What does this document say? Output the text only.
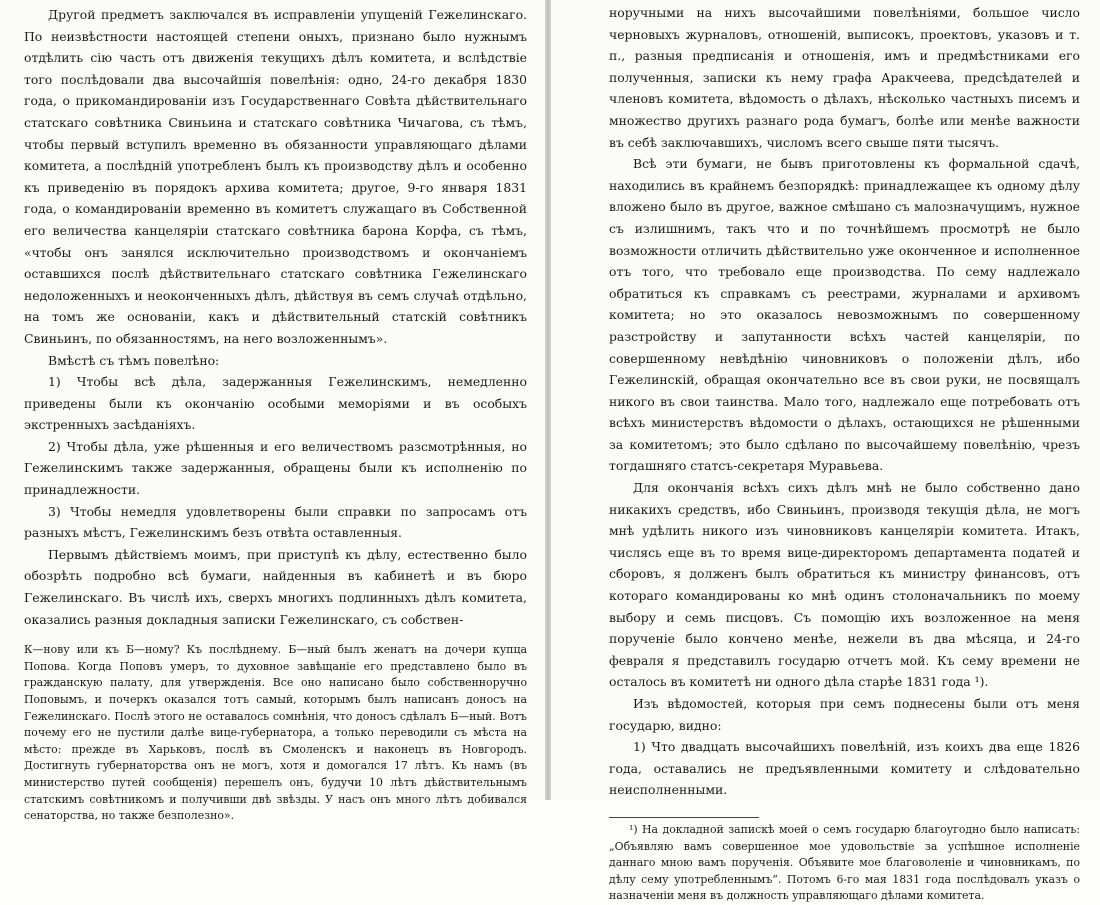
Другой предметъ заключался въ исправленіи упущеній Гежелинскаго. По неизвѣстности настоящей степени оныхъ, признано было нужнымъ отдѣлить сію часть отъ движенія текущихъ дѣлъ комитета, и вслѣдствіе того послѣдовали два высочайшія повелѣнія: одно, 24-го декабря 1830 года, о прикомандированіи изъ Государственнаго Совѣта дѣйствительнаго статскаго совѣтника Свиньина и статскаго совѣтника Чичагова, съ тѣмъ, чтобы первый вступилъ временно въ обязанности управляющаго дѣлами комитета, а послѣдній употребленъ былъ къ производству дѣлъ и особенно къ приведенію въ порядокъ архива комитета; другое, 9-го января 1831 года, о командированіи временно въ комитетъ служащаго въ Собственной его величества канцеляріи статскаго совѣтника барона Корфа, съ тѣмъ, «чтобы онъ занялся исключительно производствомъ и окончаніемъ оставшихся послѣ дѣйствительнаго статскаго совѣтника Гежелинскаго недоложенныхъ и неоконченныхъ дѣлъ, дѣйствуя въ семъ случаѣ отдѣльно, на томъ же основаніи, какъ и дѣйствительный статскій совѣтникъ Свиньинъ, по обязанностямъ, на него возложеннымъ».

Вмѣстѣ съ тѣмъ повелѣно:

1) Чтобы всѣ дѣла, задержанныя Гежелинскимъ, немедленно приведены были къ окончанію особыми меморіями и въ особыхъ экстренныхъ засѣданіяхъ.

2) Чтобы дѣла, уже рѣшенныя и его величествомъ разсмотрѣнныя, но Гежелинскимъ также задержанныя, обращены были къ исполненію по принадлежности.

3) Чтобы немедля удовлетворены были справки по запросамъ отъ разныхъ мѣстъ, Гежелинскимъ безъ отвѣта оставленныя.

Первымъ дѣйствіемъ моимъ, при приступѣ къ дѣлу, естественно было обозрѣть подробно всѣ бумаги, найденныя въ кабинетѣ и въ бюро Гежелинскаго. Въ числѣ ихъ, сверхъ многихъ подлинныхъ дѣлъ комитета, оказались разныя докладныя записки Гежелинскаго, съ собствен-

К—нову или къ Б—ному? Къ послѣднему. Б—ный былъ женатъ на дочери купца Попова. Когда Поповъ умеръ, то духовное завѣщаніе его представлено было въ гражданскую палату, для утвержденія. Все оно написано было собственноручно Поповымъ, и почеркъ оказался тотъ самый, которымъ былъ написанъ доносъ на Гежелинскаго. Послѣ этого не оставалось сомнѣнія, что доносъ сдѣлалъ Б—ный. Вотъ почему его не пустили далѣе вице-губернатора, а только переводили съ мѣста на мѣсто: прежде въ Харьковъ, послѣ въ Смоленскъ и наконецъ въ Новгородъ. Достигнуть губернаторства онъ не могъ, хотя и домогался 17 лѣтъ. Къ намъ (въ министерство путей сообщенія) перешелъ онъ, будучи 10 лѣтъ дѣйствительнымъ статскимъ совѣтникомъ и получивши двѣ звѣзды. У насъ онъ много лѣтъ добивался сенаторства, но также безполезно».

норучными на нихъ высочайшими повелѣніями, большое число черновыхъ журналовъ, отношеній, выписокъ, проектовъ, указовъ и т. п., разныя предписанія и отношенія, имъ и предмѣстниками его полученныя, записки къ нему графа Аракчеева, предсѣдателей и членовъ комитета, вѣдомость о дѣлахъ, нѣсколько частныхъ писемъ и множество другихъ разнаго рода бумагъ, болѣе или менѣе важности въ себѣ заключавшихъ, числомъ всего свыше пяти тысячъ.

Всѣ эти бумаги, не бывъ приготовлены къ формальной сдачѣ, находились въ крайнемъ безпорядкѣ: принадлежащее къ одному дѣлу вложено было въ другое, важное смѣшано съ малозначущимъ, нужное съ излишнимъ, такъ что и по точнѣйшемъ просмотрѣ не было возможности отличить дѣйствительно уже оконченное и исполненное отъ того, что требовало еще производства. По сему надлежало обратиться къ справкамъ съ реестрами, журналами и архивомъ комитета; но это оказалось невозможнымъ по совершенному разстройству и запутанности всѣхъ частей канцеляріи, по совершенному невѣдѣнію чиновниковъ о положеніи дѣлъ, ибо Гежелинскій, обращая окончательно все въ свои руки, не посвящалъ никого въ свои таинства. Мало того, надлежало еще потребовать отъ всѣхъ министерствъ вѣдомости о дѣлахъ, остающихся не рѣшенными за комитетомъ; это было сдѣлано по высочайшему повелѣнію, чрезъ тогдашняго статсъ-секретаря Муравьева.

Для окончанія всѣхъ сихъ дѣлъ мнѣ не было собственно дано никакихъ средствъ, ибо Свиньинъ, производя текущія дѣла, не могъ мнѣ удѣлить никого изъ чиновниковъ канцеляріи комитета. Итакъ, числясь еще въ то время вице-директоромъ департамента податей и сборовъ, я долженъ былъ обратиться къ министру финансовъ, отъ котораго командированы ко мнѣ одинъ столоначальникъ по моему выбору и семь писцовъ. Съ помощію ихъ возложенное на меня порученіе было кончено менѣе, нежели въ два мѣсяца, и 24-го февраля я представилъ государю отчетъ мой. Къ сему времени не осталось въ комитетѣ ни одного дѣла старѣе 1831 года ¹).

Изъ вѣдомостей, которыя при семъ поднесены были отъ меня государю, видно:

1) Что двадцать высочайшихъ повелѣній, изъ коихъ два еще 1826 года, оставались не предъявленными комитету и слѣдовательно неисполненными.

¹) На докладной запискѣ моей о семъ государю благоугодно было написать: „Объявляю вамъ совершенное мое удовольствіе за успѣшное исполненіе даннаго мною вамъ порученія. Объявите мое благоволеніе и чиновникамъ, по дѣлу сему употребленнымъ“. Потомъ 6-го мая 1831 года послѣдовалъ указъ о назначеніи меня въ должность управляющаго дѣлами комитета.
